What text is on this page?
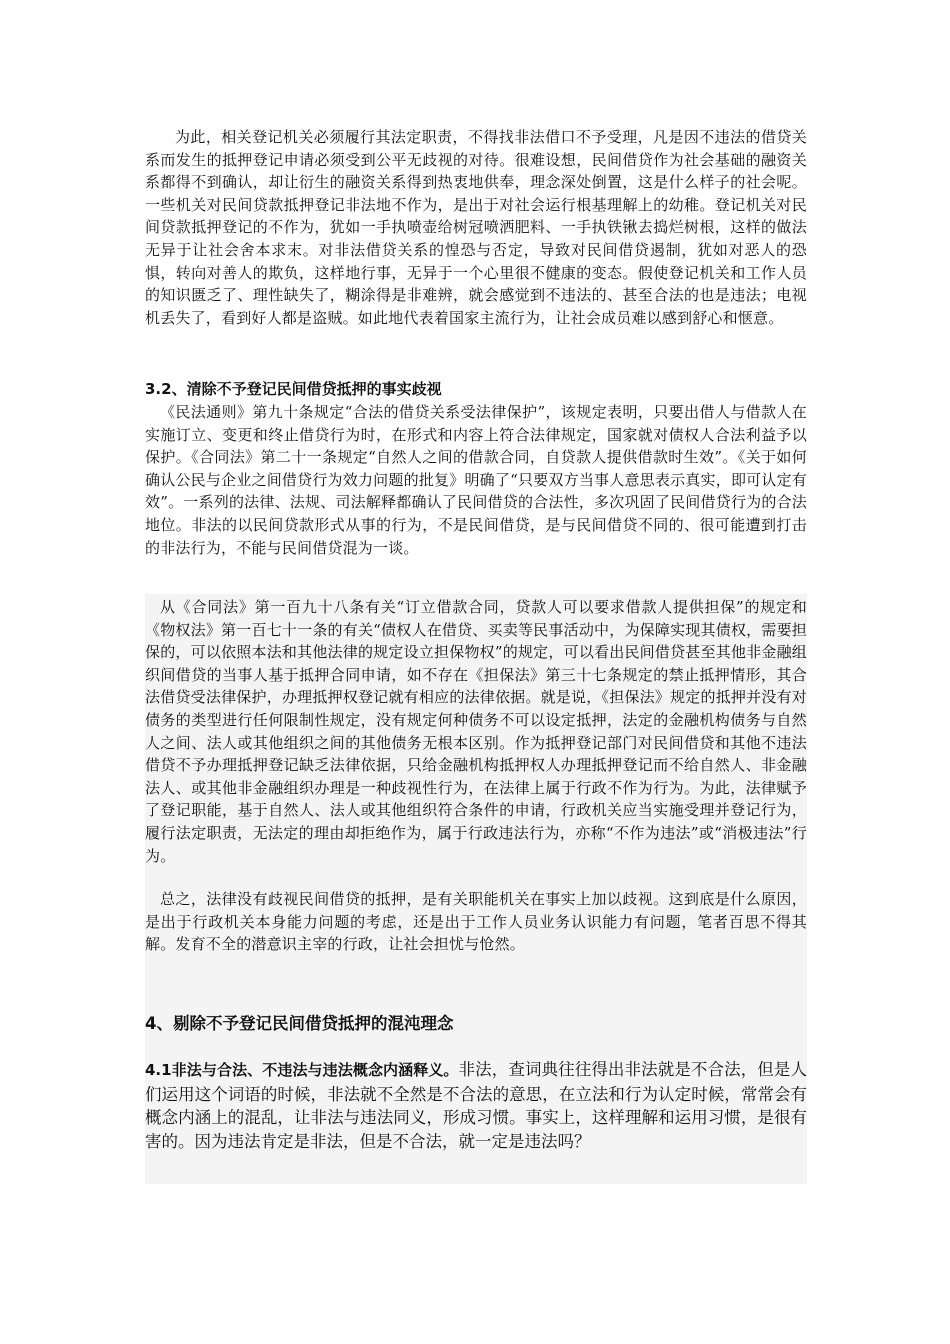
为此，相关登记机关必须履行其法定职责，不得找非法借口不予受理，凡是因不违法的借贷关系而发生的抵押登记申请必须受到公平无歧视的对待。很难设想，民间借贷作为社会基础的融资关系都得不到确认，却让衍生的融资关系得到热衷地供奉，理念深处倒置，这是什么样子的社会呢。一些机关对民间贷款抵押登记非法地不作为，是出于对社会运行根基理解上的幼稚。登记机关对民间贷款抵押登记的不作为，犹如一手执喷壶给树冠喷洒肥料、一手执铁锹去捣烂树根，这样的做法无异于让社会舍本求末。对非法借贷关系的惶恐与否定，导致对民间借贷遏制，犹如对恶人的恐惧，转向对善人的欺负，这样地行事，无异于一个心里很不健康的变态。假使登记机关和工作人员的知识匮乏了、理性缺失了，糊涂得是非难辨，就会感觉到不违法的、甚至合法的也是违法；电视机丢失了，看到好人都是盗贼。如此地代表着国家主流行为，让社会成员难以感到舒心和惬意。

3.2、清除不予登记民间借贷抵押的事实歧视

《民法通则》第九十条规定“合法的借贷关系受法律保护”，该规定表明，只要出借人与借款人在实施订立、变更和终止借贷行为时，在形式和内容上符合法律规定，国家就对债权人合法利益予以保护。《合同法》第二十一条规定“自然人之间的借款合同，自贷款人提供借款时生效”。《关于如何确认公民与企业之间借贷行为效力问题的批复》明确了“只要双方当事人意思表示真实，即可认定有效”。一系列的法律、法规、司法解释都确认了民间借贷的合法性，多次巩固了民间借贷行为的合法地位。非法的以民间贷款形式从事的行为，不是民间借贷，是与民间借贷不同的、很可能遭到打击的非法行为，不能与民间借贷混为一谈。

从《合同法》第一百九十八条有关“订立借款合同，贷款人可以要求借款人提供担保”的规定和《物权法》第一百七十一条的有关“债权人在借贷、买卖等民事活动中，为保障实现其债权，需要担保的，可以依照本法和其他法律的规定设立担保物权”的规定，可以看出民间借贷甚至其他非金融组织间借贷的当事人基于抵押合同申请，如不存在《担保法》第三十七条规定的禁止抵押情形，其合法借贷受法律保护，办理抵押权登记就有相应的法律依据。就是说，《担保法》规定的抵押并没有对债务的类型进行任何限制性规定，没有规定何种债务不可以设定抵押，法定的金融机构债务与自然人之间、法人或其他组织之间的其他债务无根本区别。作为抵押登记部门对民间借贷和其他不违法借贷不予办理抵押登记缺乏法律依据，只给金融机构抵押权人办理抵押登记而不给自然人、非金融法人、或其他非金融组织办理是一种歧视性行为，在法律上属于行政不作为行为。为此，法律赋予了登记职能，基于自然人、法人或其他组织符合条件的申请，行政机关应当实施受理并登记行为，履行法定职责，无法定的理由却拒绝作为，属于行政违法行为，亦称“不作为违法”或“消极违法”行为。

总之，法律没有歧视民间借贷的抵押，是有关职能机关在事实上加以歧视。这到底是什么原因，是出于行政机关本身能力问题的考虑，还是出于工作人员业务认识能力有问题，笔者百思不得其解。发育不全的潜意识主宰的行政，让社会担忧与怆然。

4、剔除不予登记民间借贷抵押的混沌理念

4.1非法与合法、不违法与违法概念内涵释义。非法，查词典往往得出非法就是不合法，但是人们运用这个词语的时候，非法就不全然是不合法的意思，在立法和行为认定时候，常常会有概念内涵上的混乱，让非法与违法同义，形成习惯。事实上，这样理解和运用习惯，是很有害的。因为违法肯定是非法，但是不合法，就一定是违法吗？
